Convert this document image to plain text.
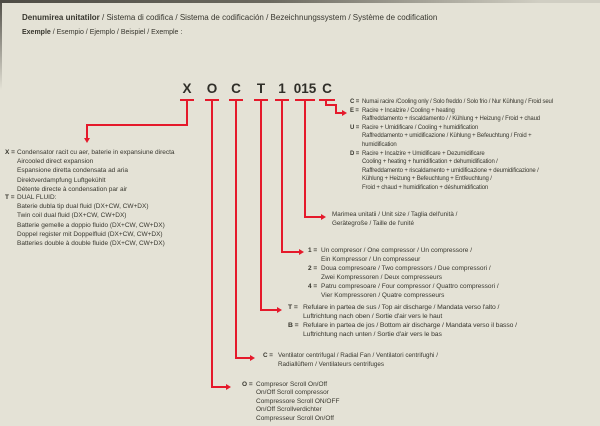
Denumirea unitatilor / Sistema di codifica / Sistema de codificación / Bezeichnungssystem / Système de codification
Exemple / Esempio / Ejemplo / Beispiel / Exemple :
X O C T 1 015 C
X = Condensator racit cu aer, baterie in expansiune directa
Aircooled direct expansion
Espansione diretta condensata ad aria
Direktverdampfung Luftgekühlt
Détente directe à condensation par air
T = DUAL FLUID:
Baterie dubla tip dual fluid (DX+CW, CW+DX)
Twin coil dual fluid (DX+CW, CW+DX)
Batterie gemelle a doppio fluido (DX+CW, CW+DX)
Doppel register mit Doppelfluid (DX+CW, CW+DX)
Batteries double à double fluide (DX+CW, CW+DX)
C = Numai racire /Cooling only / Solo freddo / Solo frio / Nur Kühlung / Froid seul
E = Racire + Incalzire / Cooling + heating
Raffreddamento + riscaldamento / / Kühlung + Heizung / Froid + chaud
U = Racire + Umidificare / Cooling + humidification
Raffreddamento + umidificazione / Kühlung + Befeuchtung / Froid +
humidification
D = Racire + Incalzire + Umidificare + Dezumidificare
Cooling + heating + humidification + dehumidification /
Raffreddamento + riscaldamento + umidificazione + deumidificazione /
Kühlung + Heizung + Befeuchtung + Entfeuchtung /
Froid + chaud + humidification + déshumidification
Marimea unitatii / Unit size / Taglia dell'unità /
Gerätegroße / Taille de l'unité
1 = Un compresor / One compressor / Un compressore /
Ein Kompressor / Un compresseur
2 = Doua compresoare / Two compressors / Due compressori /
Zwei Kompressoren / Deux compresseurs
4 = Patru compresoare / Four compressor / Quattro compressori /
Vier Kompressoren / Quatre compresseurs
T = Refulare in partea de sus / Top air discharge / Mandata verso l'alto /
Luftrichtung nach oben / Sortie d'air vers le haut
B = Refulare in partea de jos / Bottom air discharge / Mandata verso il basso /
Luftrichtung nach unten / Sortie d'air vers le bas
C = Ventilator centrifugal / Radial Fan / Ventilatori centrifughi /
Radiallüftern / Ventilateurs centrifuges
O = Compresor Scroll On/Off
On/Off Scroll compressor
Compressore Scroll ON/OFF
On/Off Scrollverdichter
Compresseur Scroll On/Off
